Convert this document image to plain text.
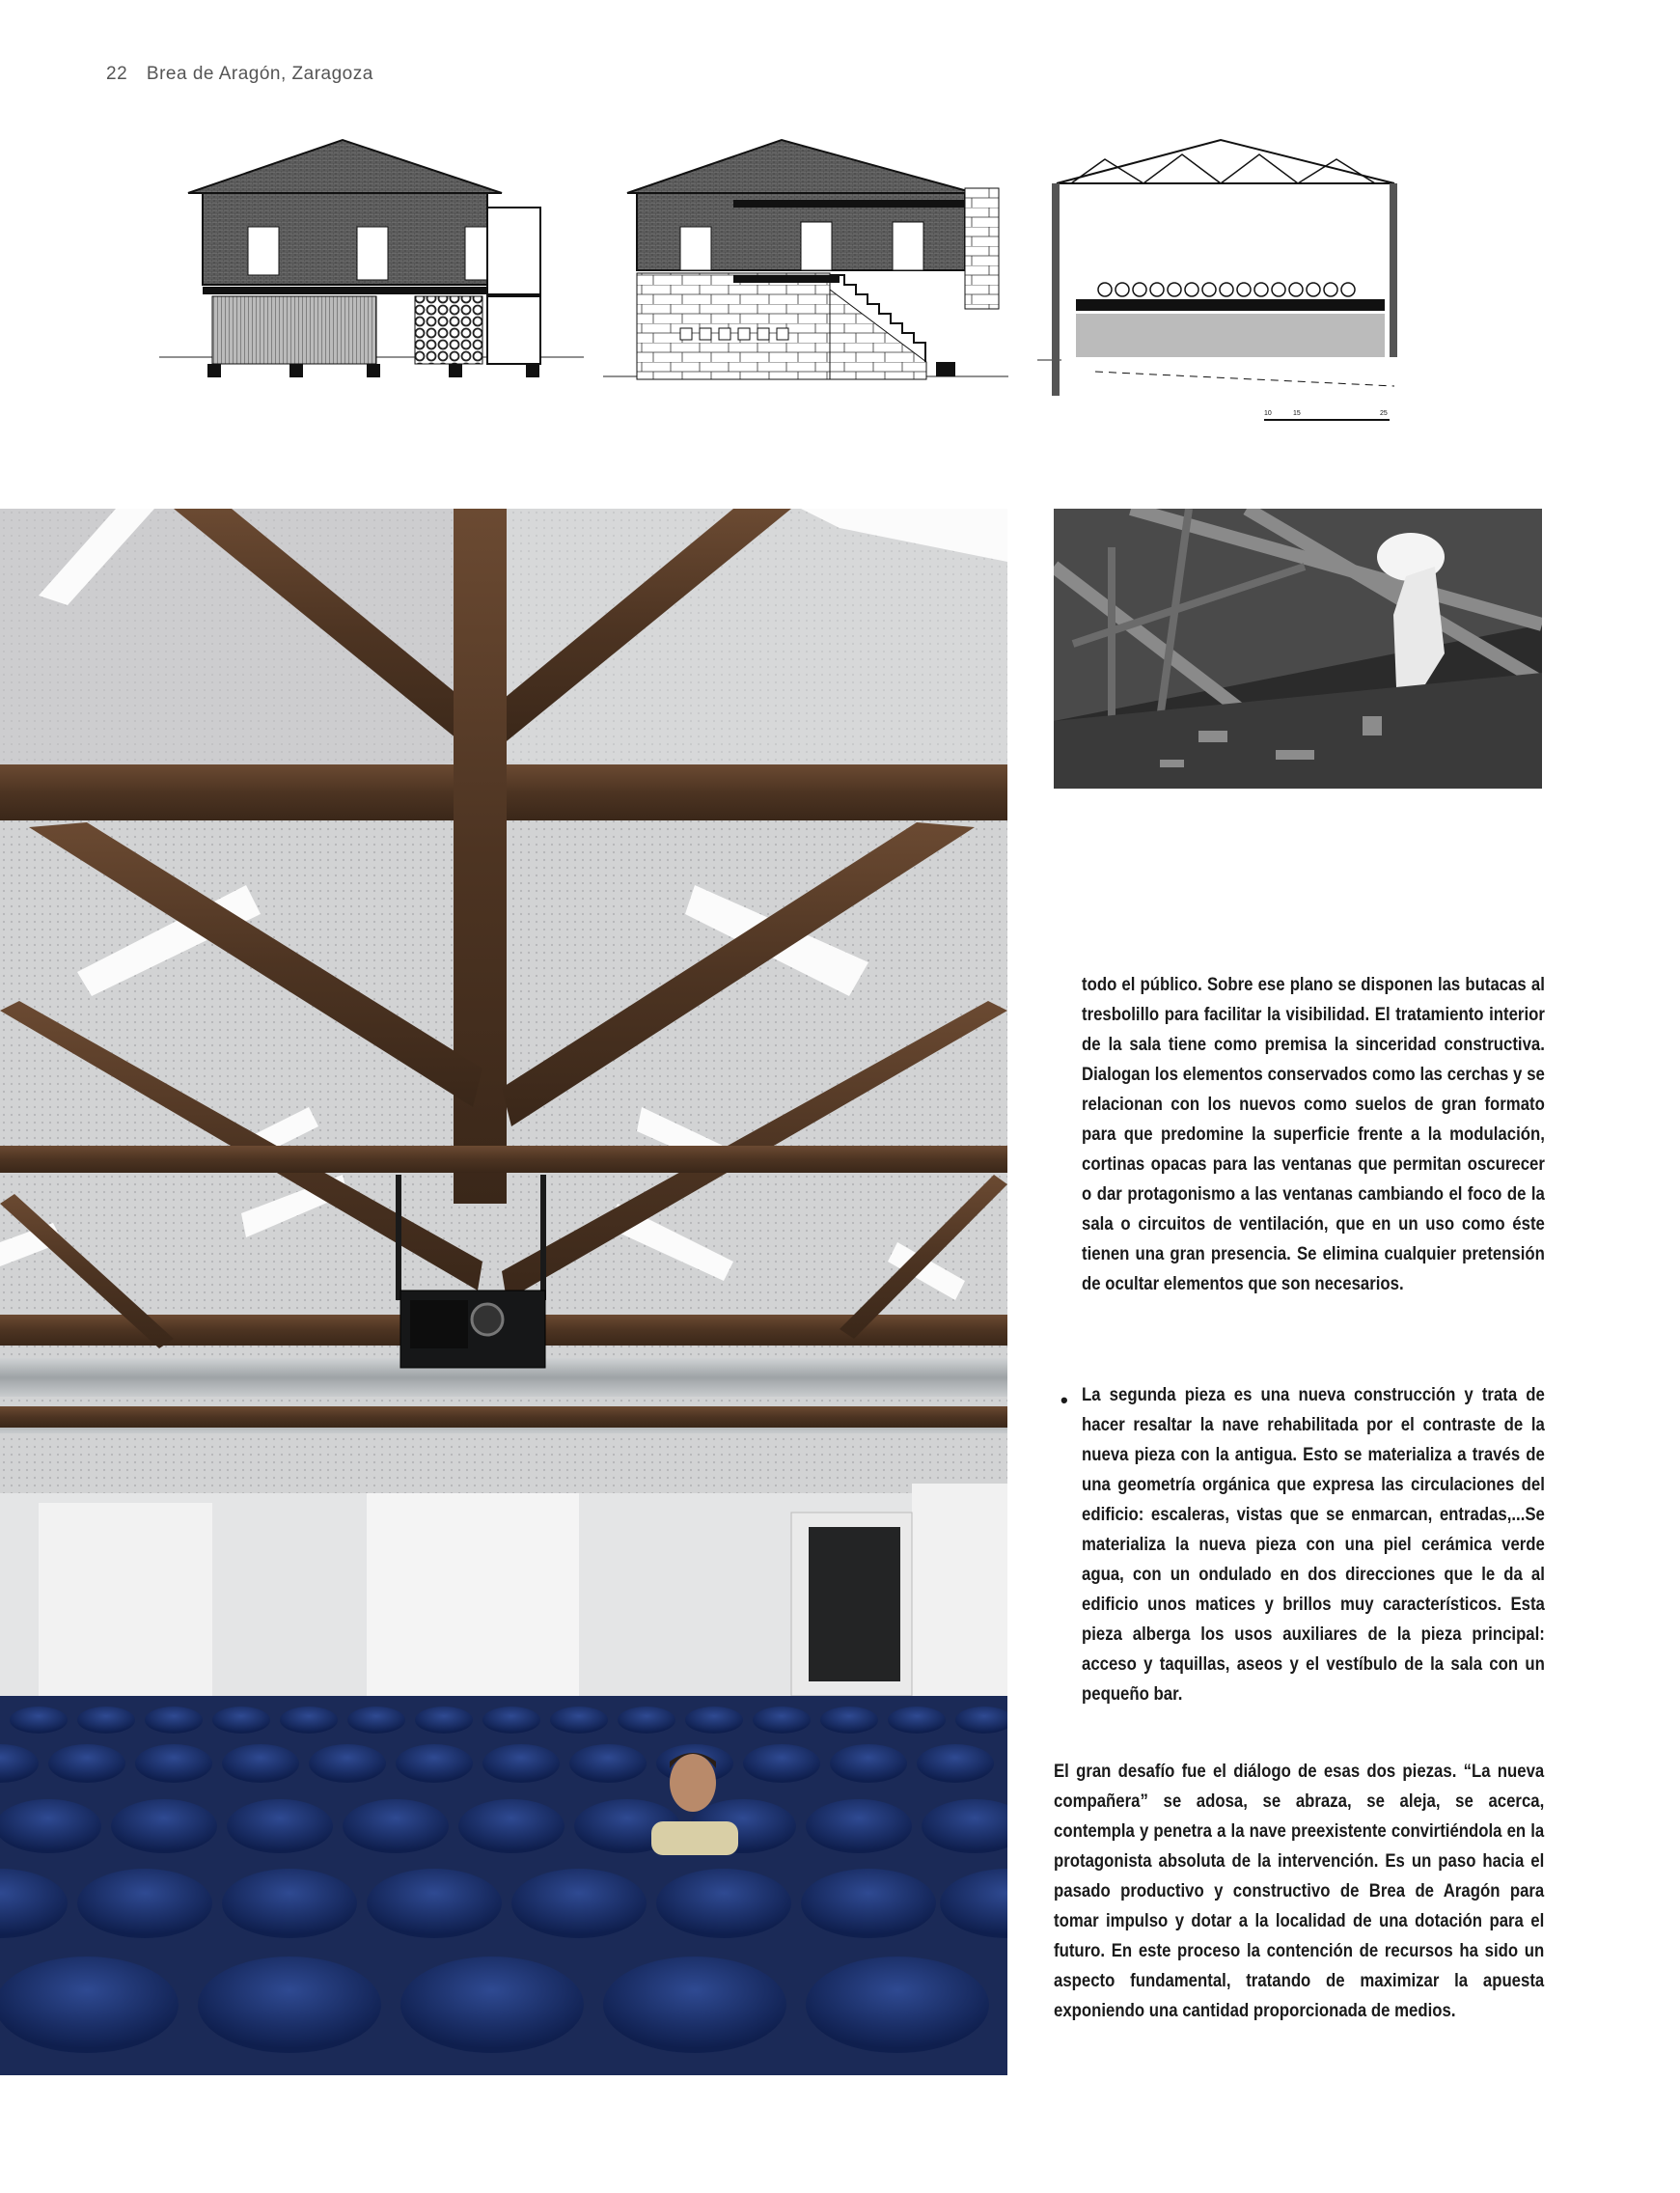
22 Brea de Aragón, Zaragoza
10	15	25

todo el público. Sobre ese plano se disponen las butacas al tresbolillo para facilitar la visibilidad. El tratamiento interior de la sala tiene como premisa la sinceridad constructiva. Dialogan los elementos conservados como las cerchas y se relacionan con los nuevos como suelos de gran formato para que predomine la superficie frente a la modulación, cortinas opacas para las ventanas que permitan oscurecer o dar protagonismo a las ventanas cambiando el foco de la sala o circuitos de ventilación, que en un uso como éste tienen una gran presencia. Se elimina cualquier pretensión de ocultar elementos que son necesarios.

• La segunda pieza es una nueva construcción y trata de hacer resaltar la nave rehabilitada por el contraste de la nueva pieza con la antigua. Esto se materializa a través de una geometría orgánica que expresa las circulaciones del edificio: escaleras, vistas que se enmarcan, entradas,...Se materializa la nueva pieza con una piel cerámica verde agua, con un ondulado en dos direcciones que le da al edificio unos matices y brillos muy característicos. Esta pieza alberga los usos auxiliares de la pieza principal: acceso y taquillas, aseos y el vestíbulo de la sala con un pequeño bar.

El gran desafío fue el diálogo de esas dos piezas. “La nueva compañera” se adosa, se abraza, se aleja, se acerca, contempla y penetra a la nave preexistente convirtiéndola en la protagonista absoluta de la intervención. Es un paso hacia el pasado productivo y constructivo de Brea de Aragón para tomar impulso y dotar a la localidad de una dotación para el futuro. En este proceso la contención de recursos ha sido un aspecto fundamental, tratando de maximizar la apuesta exponiendo una cantidad proporcionada de medios.
